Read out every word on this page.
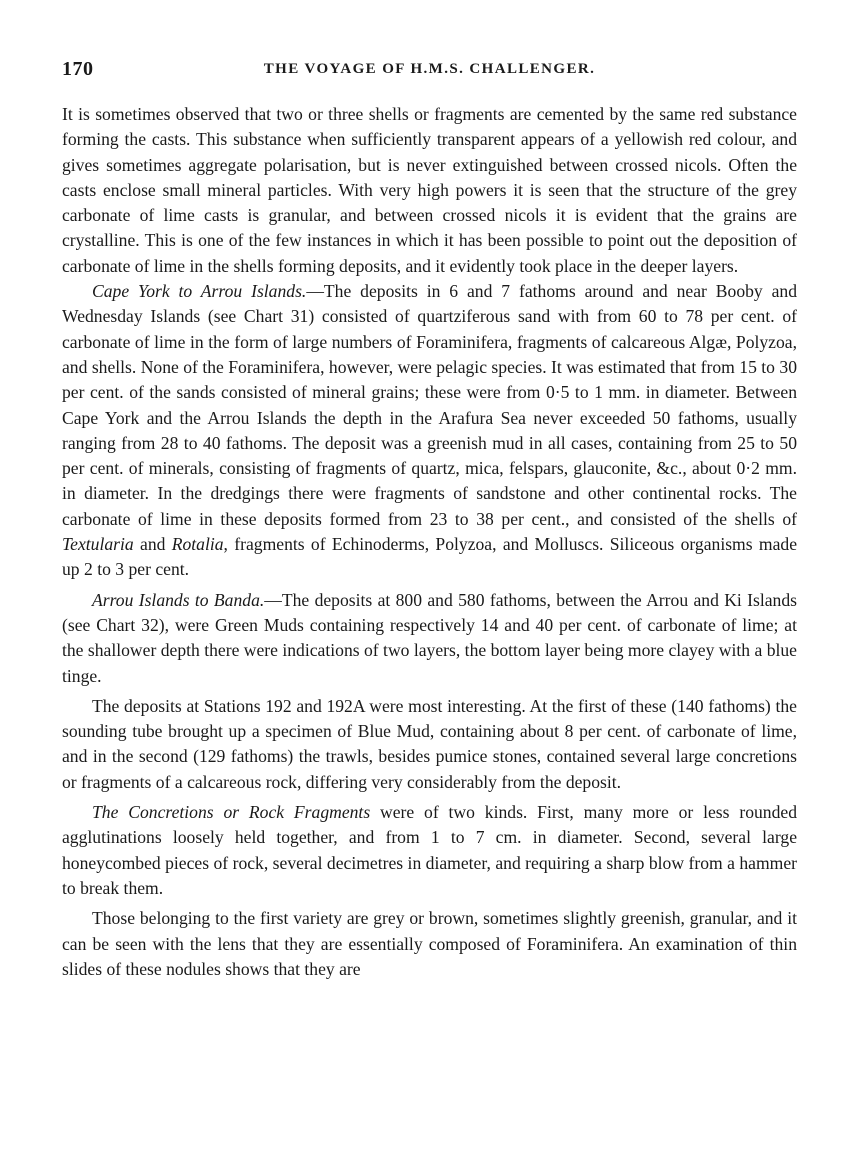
170	THE VOYAGE OF H.M.S. CHALLENGER.

It is sometimes observed that two or three shells or fragments are cemented by the same red substance forming the casts. This substance when sufficiently transparent appears of a yellowish red colour, and gives sometimes aggregate polarisation, but is never extinguished between crossed nicols. Often the casts enclose small mineral particles. With very high powers it is seen that the structure of the grey carbonate of lime casts is granular, and between crossed nicols it is evident that the grains are crystalline. This is one of the few instances in which it has been possible to point out the deposition of carbonate of lime in the shells forming deposits, and it evidently took place in the deeper layers.

Cape York to Arrou Islands.—The deposits in 6 and 7 fathoms around and near Booby and Wednesday Islands (see Chart 31) consisted of quartziferous sand with from 60 to 78 per cent. of carbonate of lime in the form of large numbers of Foraminifera, fragments of calcareous Algæ, Polyzoa, and shells. None of the Foraminifera, however, were pelagic species. It was estimated that from 15 to 30 per cent. of the sands consisted of mineral grains; these were from 0·5 to 1 mm. in diameter. Between Cape York and the Arrou Islands the depth in the Arafura Sea never exceeded 50 fathoms, usually ranging from 28 to 40 fathoms. The deposit was a greenish mud in all cases, containing from 25 to 50 per cent. of minerals, consisting of fragments of quartz, mica, felspars, glauconite, &c., about 0·2 mm. in diameter. In the dredgings there were fragments of sandstone and other continental rocks. The carbonate of lime in these deposits formed from 23 to 38 per cent., and consisted of the shells of Textularia and Rotalia, fragments of Echinoderms, Polyzoa, and Molluscs. Siliceous organisms made up 2 to 3 per cent.

Arrou Islands to Banda.—The deposits at 800 and 580 fathoms, between the Arrou and Ki Islands (see Chart 32), were Green Muds containing respectively 14 and 40 per cent. of carbonate of lime; at the shallower depth there were indications of two layers, the bottom layer being more clayey with a blue tinge.

The deposits at Stations 192 and 192A were most interesting. At the first of these (140 fathoms) the sounding tube brought up a specimen of Blue Mud, containing about 8 per cent. of carbonate of lime, and in the second (129 fathoms) the trawls, besides pumice stones, contained several large concretions or fragments of a calcareous rock, differing very considerably from the deposit.

The Concretions or Rock Fragments were of two kinds. First, many more or less rounded agglutinations loosely held together, and from 1 to 7 cm. in diameter. Second, several large honeycombed pieces of rock, several decimetres in diameter, and requiring a sharp blow from a hammer to break them.

Those belonging to the first variety are grey or brown, sometimes slightly greenish, granular, and it can be seen with the lens that they are essentially composed of Foraminifera. An examination of thin slides of these nodules shows that they are
